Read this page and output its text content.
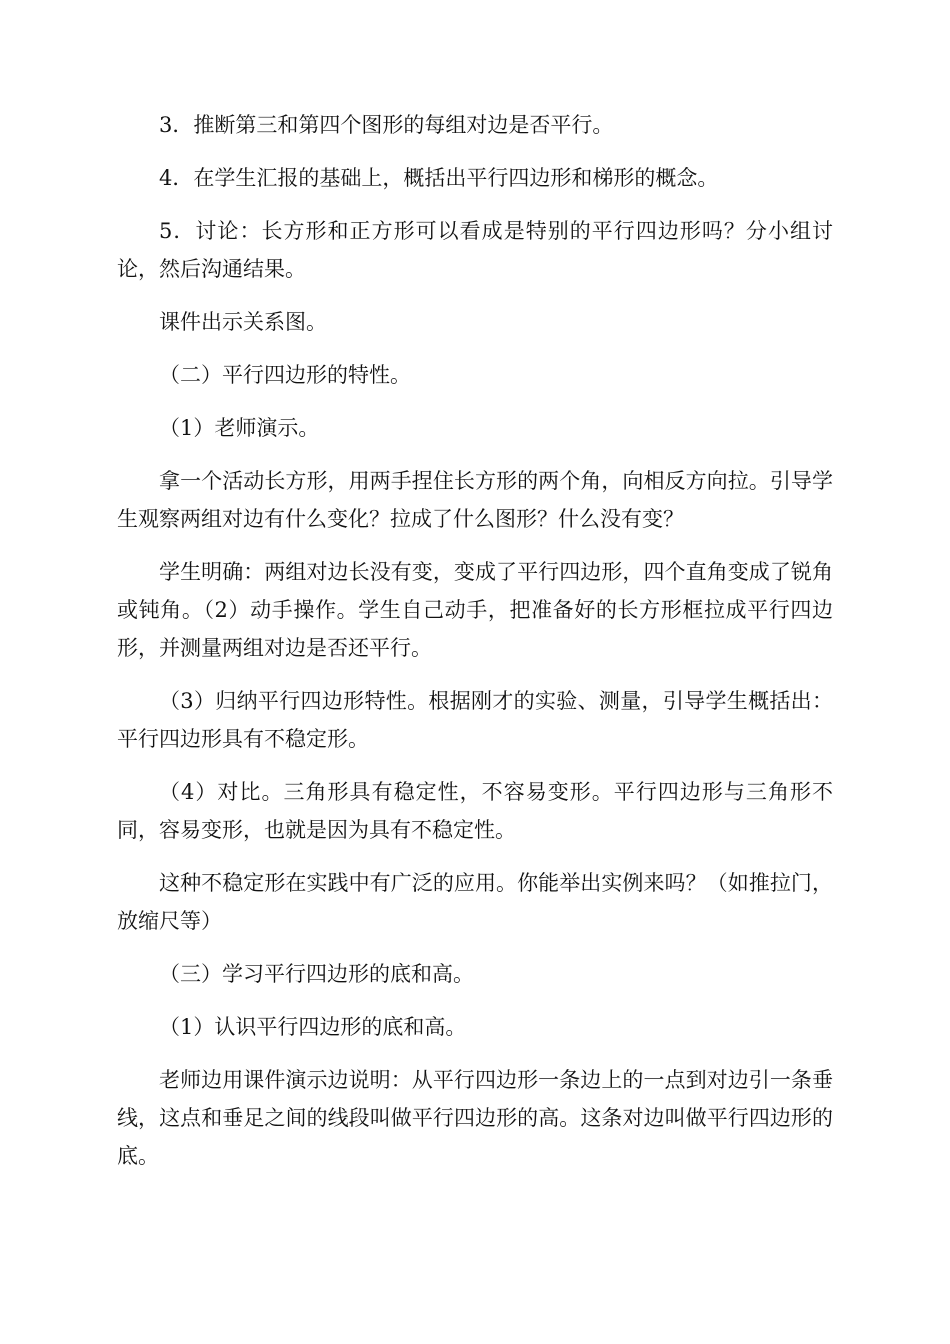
3．推断第三和第四个图形的每组对边是否平行。

4．在学生汇报的基础上，概括出平行四边形和梯形的概念。

5．讨论：长方形和正方形可以看成是特别的平行四边形吗？分小组讨论，然后沟通结果。

课件出示关系图。

（二）平行四边形的特性。

（1）老师演示。

拿一个活动长方形，用两手捏住长方形的两个角，向相反方向拉。引导学生观察两组对边有什么变化？拉成了什么图形？什么没有变？

学生明确：两组对边长没有变，变成了平行四边形，四个直角变成了锐角或钝角。（2）动手操作。学生自己动手，把准备好的长方形框拉成平行四边形，并测量两组对边是否还平行。

（3）归纳平行四边形特性。根据刚才的实验、测量，引导学生概括出：平行四边形具有不稳定形。

（4）对比。三角形具有稳定性，不容易变形。平行四边形与三角形不同，容易变形，也就是因为具有不稳定性。

这种不稳定形在实践中有广泛的应用。你能举出实例来吗？（如推拉门，放缩尺等）

（三）学习平行四边形的底和高。

（1）认识平行四边形的底和高。

老师边用课件演示边说明：从平行四边形一条边上的一点到对边引一条垂线，这点和垂足之间的线段叫做平行四边形的高。这条对边叫做平行四边形的底。
